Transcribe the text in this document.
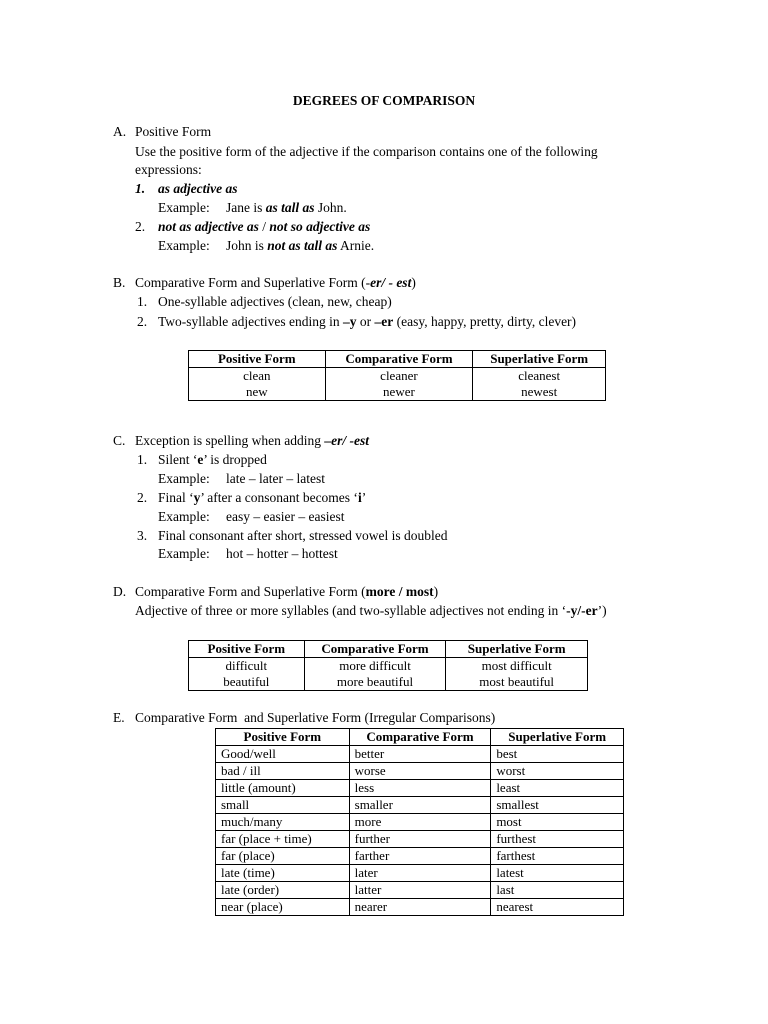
DEGREES OF COMPARISON
A. Positive Form
Use the positive form of the adjective if the comparison contains one of the following
expressions:
1. as adjective as
Example: Jane is as tall as John.
2. not as adjective as / not so adjective as
Example: John is not as tall as Arnie.
B. Comparative Form and Superlative Form (-er/ - est)
1. One-syllable adjectives (clean, new, cheap)
2. Two-syllable adjectives ending in –y or –er (easy, happy, pretty, dirty, clever)
Positive Form	Comparative Form	Superlative Form
clean	cleaner	cleanest
new	newer	newest
C. Exception is spelling when adding –er/ -est
1. Silent ‘e’ is dropped
Example: late – later – latest
2. Final ‘y’ after a consonant becomes ‘i’
Example: easy – easier – easiest
3. Final consonant after short, stressed vowel is doubled
Example: hot – hotter – hottest
D. Comparative Form and Superlative Form (more / most)
Adjective of three or more syllables (and two-syllable adjectives not ending in ‘-y/-er’)
Positive Form	Comparative Form	Superlative Form
difficult	more difficult	most difficult
beautiful	more beautiful	most beautiful
E. Comparative Form  and Superlative Form (Irregular Comparisons)
Positive Form	Comparative Form	Superlative Form
Good/well	better	best
bad / ill	worse	worst
little (amount)	less	least
small	smaller	smallest
much/many	more	most
far (place + time)	further	furthest
far (place)	farther	farthest
late (time)	later	latest
late (order)	latter	last
near (place)	nearer	nearest
